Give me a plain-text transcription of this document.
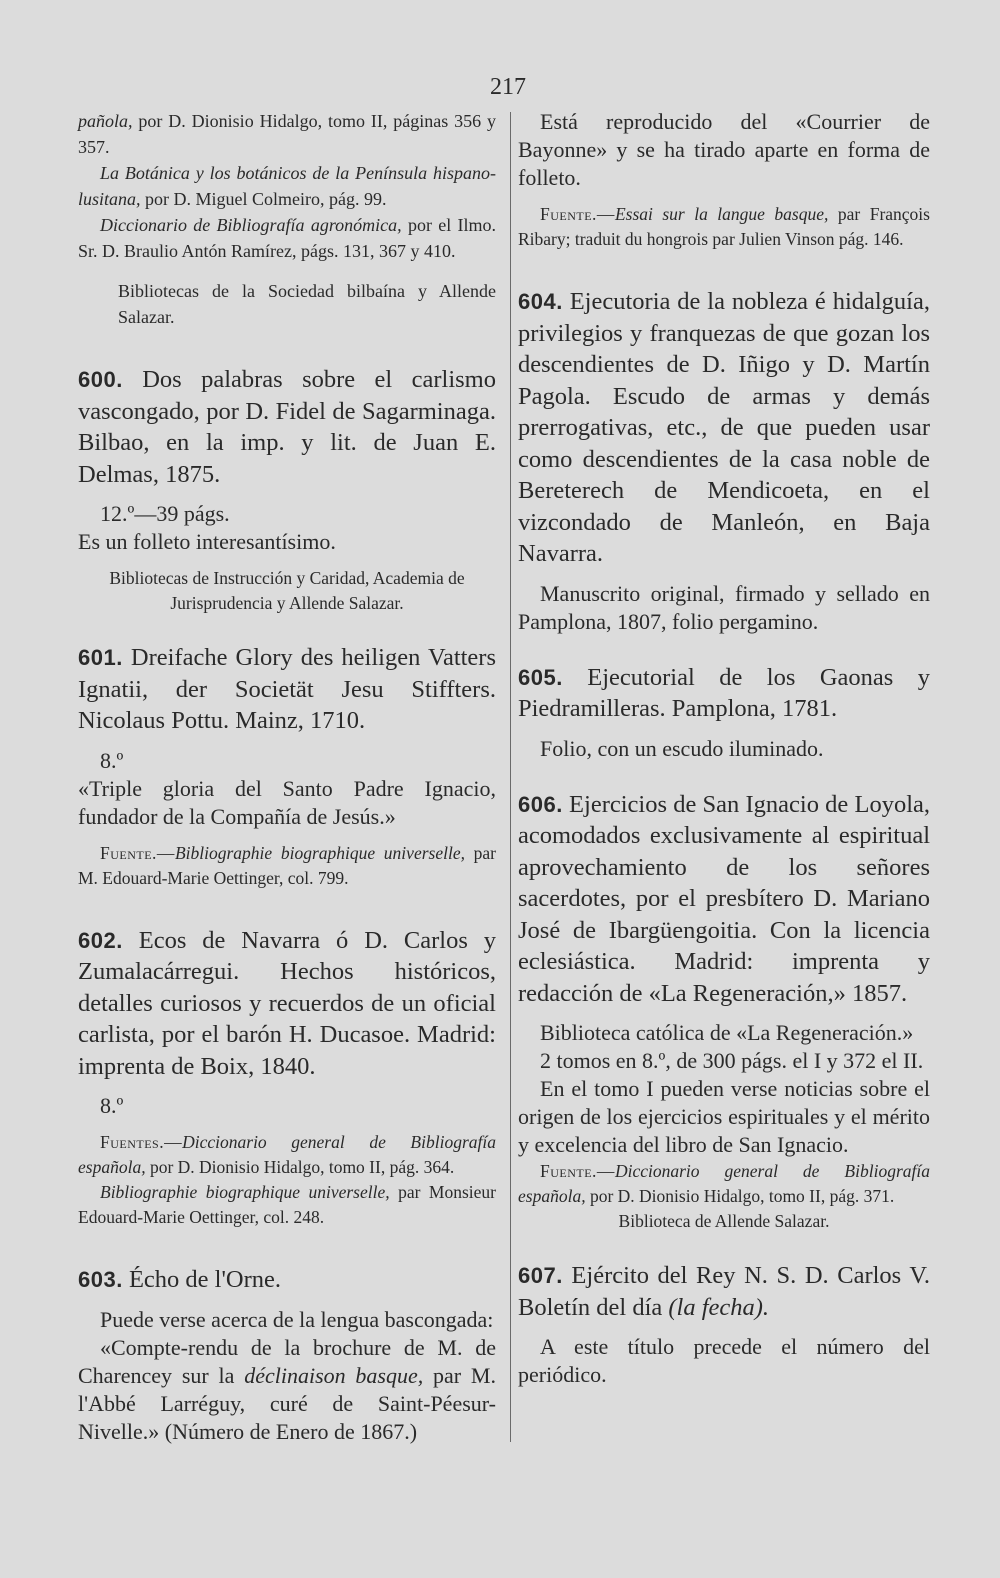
217

pañola, por D. Dionisio Hidalgo, tomo II, páginas 356 y 357.

La Botánica y los botánicos de la Península hispano-lusitana, por D. Miguel Colmeiro, pág. 99.

Diccionario de Bibliografía agronómica, por el Ilmo. Sr. D. Braulio Antón Ramírez, págs. 131, 367 y 410.

Bibliotecas de la Sociedad bilbaína y Allende Salazar.

600. Dos palabras sobre el carlismo vascongado, por D. Fidel de Sagarminaga. Bilbao, en la imp. y lit. de Juan E. Delmas, 1875.

12.º—39 págs.

Es un folleto interesantísimo.

Bibliotecas de Instrucción y Caridad, Academia de Jurisprudencia y Allende Salazar.

601. Dreifache Glory des heiligen Vatters Ignatii, der Societät Jesu Stiffters. Nicolaus Pottu. Mainz, 1710.

8.º

«Triple gloria del Santo Padre Ignacio, fundador de la Compañía de Jesús.»

Fuente.—Bibliographie biographique universelle, par M. Edouard-Marie Oettinger, col. 799.

602. Ecos de Navarra ó D. Carlos y Zumalacárregui. Hechos históricos, detalles curiosos y recuerdos de un oficial carlista, por el barón H. Ducasoe. Madrid: imprenta de Boix, 1840.

8.º

Fuentes.—Diccionario general de Bibliografía española, por D. Dionisio Hidalgo, tomo II, pág. 364.

Bibliographie biographique universelle, par Monsieur Edouard-Marie Oettinger, col. 248.

603. Écho de l'Orne.

Puede verse acerca de la lengua bascongada:

«Compte-rendu de la brochure de M. de Charencey sur la déclinaison basque, par M. l'Abbé Larréguy, curé de Saint-Péesur-Nivelle.» (Número de Enero de 1867.)

Está reproducido del «Courrier de Bayonne» y se ha tirado aparte en forma de folleto.

Fuente.—Essai sur la langue basque, par François Ribary; traduit du hongrois par Julien Vinson pág. 146.

604. Ejecutoria de la nobleza é hidalguía, privilegios y franquezas de que gozan los descendientes de D. Iñigo y D. Martín Pagola. Escudo de armas y demás prerrogativas, etc., de que pueden usar como descendientes de la casa noble de Bereterech de Mendicoeta, en el vizcondado de Manleón, en Baja Navarra.

Manuscrito original, firmado y sellado en Pamplona, 1807, folio pergamino.

605. Ejecutorial de los Gaonas y Piedramilleras. Pamplona, 1781.

Folio, con un escudo iluminado.

606. Ejercicios de San Ignacio de Loyola, acomodados exclusivamente al espiritual aprovechamiento de los señores sacerdotes, por el presbítero D. Mariano José de Ibargüengoitia. Con la licencia eclesiástica. Madrid: imprenta y redacción de «La Regeneración,» 1857.

Biblioteca católica de «La Regeneración.»

2 tomos en 8.º, de 300 págs. el I y 372 el II.

En el tomo I pueden verse noticias sobre el origen de los ejercicios espirituales y el mérito y excelencia del libro de San Ignacio.

Fuente.—Diccionario general de Bibliografía española, por D. Dionisio Hidalgo, tomo II, pág. 371.

Biblioteca de Allende Salazar.

607. Ejército del Rey N. S. D. Carlos V. Boletín del día (la fecha).

A este título precede el número del periódico.
